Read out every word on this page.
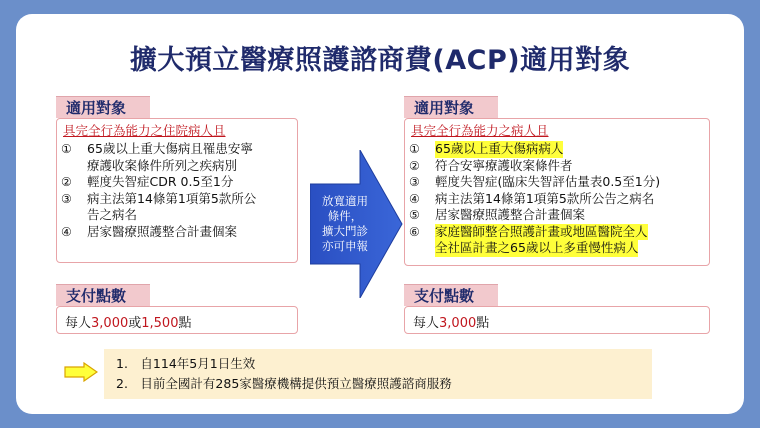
擴大預立醫療照護諮商費(ACP)適用對象
適用對象
具完全行為能力之住院病人且
①	65歲以上重大傷病且罹患安寧
療護收案條件所列之疾病別
②	輕度失智症CDR 0.5至1分
③	病主法第14條第1項第5款所公
告之病名
④	居家醫療照護整合計畫個案
支付點數
每人3,000或1,500點
放寬適用
條件，
擴大門診
亦可申報
適用對象
具完全行為能力之病人且
①	65歲以上重大傷病病人
②	符合安寧療護收案條件者
③	輕度失智症(臨床失智評估量表0.5至1分)
④	病主法第14條第1項第5款所公告之病名
⑤	居家醫療照護整合計畫個案
⑥	家庭醫師整合照護計畫或地區醫院全人
全社區計畫之65歲以上多重慢性病人
支付點數
每人3,000點
1.　自114年5月1日生效
2.　目前全國計有285家醫療機構提供預立醫療照護諮商服務
